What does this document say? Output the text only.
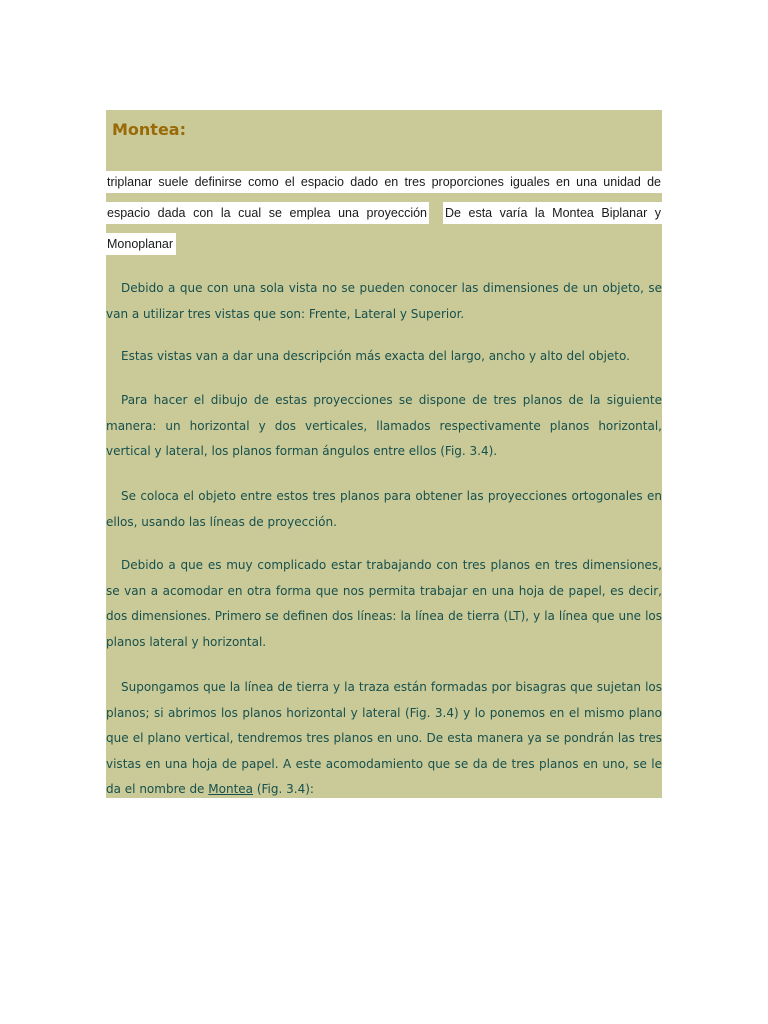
Montea:
triplanar suele definirse como el espacio dado en tres proporciones iguales en una unidad de
espacio dada con la cual se emplea una proyección De esta varía la Montea Biplanar y
Monoplanar

Debido a que con una sola vista no se pueden conocer las dimensiones de un objeto, se van a utilizar tres vistas que son: Frente, Lateral y Superior.

Estas vistas van a dar una descripción más exacta del largo, ancho y alto del objeto.

Para hacer el dibujo de estas proyecciones se dispone de tres planos de la siguiente manera: un horizontal y dos verticales, llamados respectivamente planos horizontal, vertical y lateral, los planos forman ángulos entre ellos (Fig. 3.4).

Se coloca el objeto entre estos tres planos para obtener las proyecciones ortogonales en ellos, usando las líneas de proyección.

Debido a que es muy complicado estar trabajando con tres planos en tres dimensiones, se van a acomodar en otra forma que nos permita trabajar en una hoja de papel, es decir, dos dimensiones. Primero se definen dos líneas: la línea de tierra (LT), y la línea que une los planos lateral y horizontal.

Supongamos que la línea de tierra y la traza están formadas por bisagras que sujetan los planos; si abrimos los planos horizontal y lateral (Fig. 3.4) y lo ponemos en el mismo plano que el plano vertical, tendremos tres planos en uno. De esta manera ya se pondrán las tres vistas en una hoja de papel. A este acomodamiento que se da de tres planos en uno, se le da el nombre de Montea (Fig. 3.4):
